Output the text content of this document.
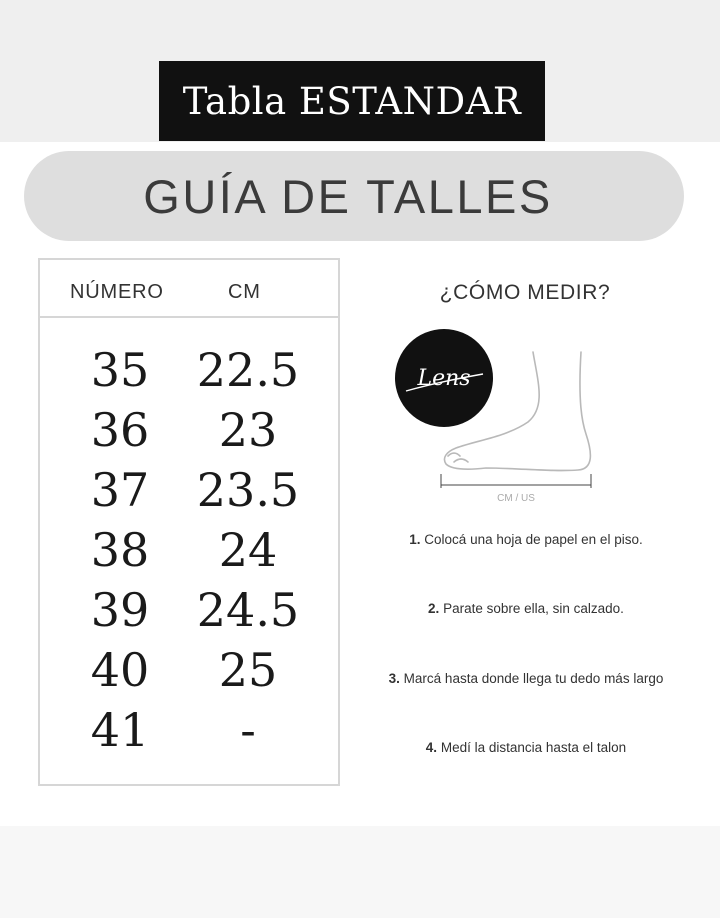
Tabla ESTANDAR
GUÍA DE TALLES
NÚMERO	CM
35 22.5
36	23
37 23.5
38	24
39 24.5
40	25
41	-
¿CÓMO MEDIR?
Lens
CM / US
1. Colocá una hoja de papel en el piso.
2. Parate sobre ella, sin calzado.
3. Marcá hasta donde llega tu dedo más largo
4. Medí la distancia hasta el talon
